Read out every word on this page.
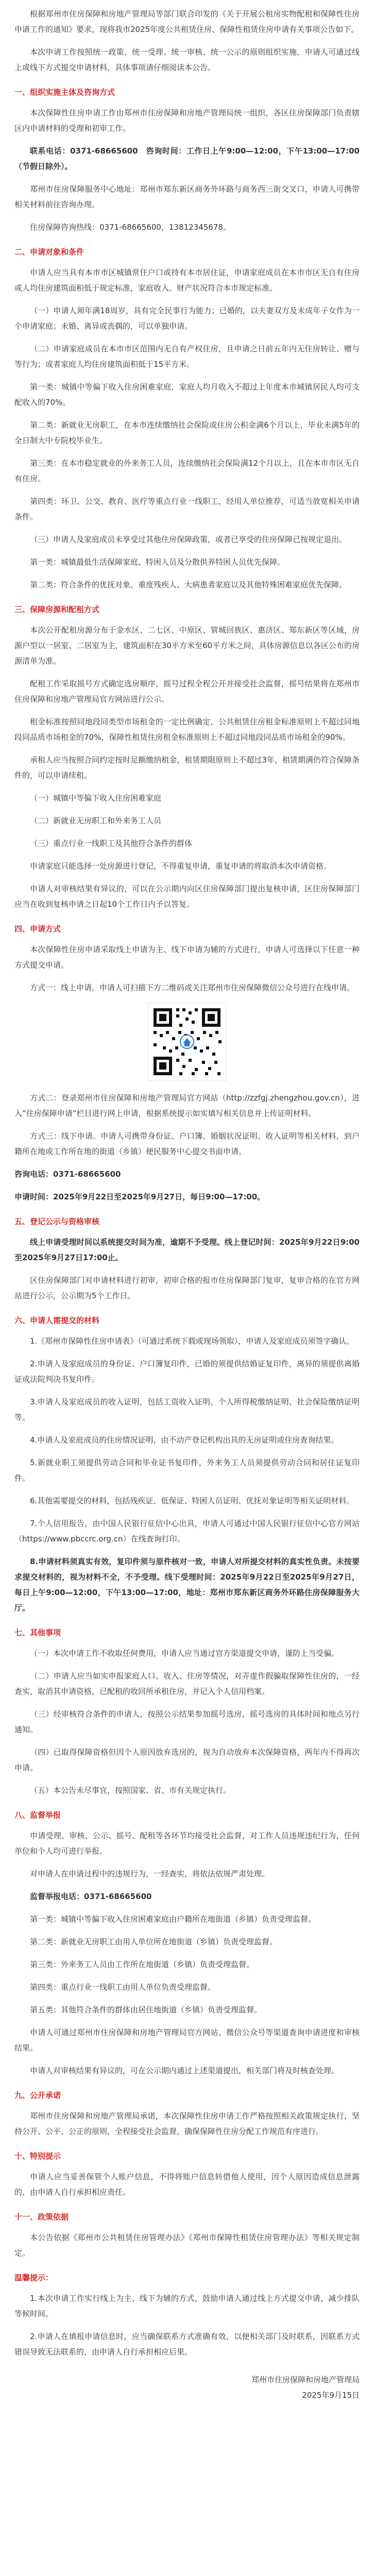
根据郑州市住房保障和房地产管理局等部门联合印发的《关于开展公租房实物配租和保障性住房申请工作的通知》要求，现将我市2025年度公共租赁住房、保障性租赁住房申请有关事项公告如下。

本次申请工作按照统一政策、统一受理、统一审核、统一公示的原则组织实施，申请人可通过线上或线下方式提交申请材料，具体事项请仔细阅读本公告。

一、组织实施主体及咨询方式

本次保障性住房申请工作由郑州市住房保障和房地产管理局统一组织，各区住房保障部门负责辖区内申请材料的受理和初审工作。

联系电话：0371-68665600　咨询时间：工作日上午9:00—12:00，下午13:00—17:00（节假日除外）。

郑州市住房保障服务中心地址：郑州市郑东新区商务外环路与商务西三街交叉口，申请人可携带相关材料前往咨询办理。

住房保障咨询热线：0371-68665600，13812345678。

二、申请对象和条件

申请人应当具有本市市区城镇常住户口或持有本市居住证，申请家庭成员在本市市区无自有住房或人均住房建筑面积低于规定标准，家庭收入、财产状况符合本市规定标准。

（一）申请人须年满18周岁，具有完全民事行为能力；已婚的，以夫妻双方及未成年子女作为一个申请家庭；未婚、离异或丧偶的，可以单独申请。

（二）申请家庭成员在本市市区范围内无自有产权住房，且申请之日前五年内无住房转让、赠与等行为；或者家庭人均住房建筑面积低于15平方米。

第一类：城镇中等偏下收入住房困难家庭，家庭人均月收入不超过上年度本市城镇居民人均可支配收入的70%。

第二类：新就业无房职工，在本市连续缴纳社会保险或住房公积金满6个月以上，毕业未满5年的全日制大中专院校毕业生。

第三类：在本市稳定就业的外来务工人员，连续缴纳社会保险满12个月以上，且在本市市区无自有住房。

第四类：环卫、公交、教育、医疗等重点行业一线职工，经用人单位推荐，可适当放宽相关申请条件。

（三）申请人及家庭成员未享受过其他住房保障政策，或者已享受的住房保障已按规定退出。

第一类：城镇最低生活保障家庭、特困人员及分散供养特困人员优先保障。

第二类：符合条件的优抚对象、重度残疾人、大病患者家庭以及其他特殊困难家庭优先保障。

三、保障房源和配租方式

本次公开配租房源分布于金水区、二七区、中原区、管城回族区、惠济区、郑东新区等区域，房源户型以一居室、二居室为主，建筑面积在30平方米至60平方米之间，具体房源信息以各区公布的房源清单为准。

配租工作采取摇号方式确定选房顺序，摇号过程全程公开并接受社会监督，摇号结果将在郑州市住房保障和房地产管理局官方网站进行公示。

租金标准按照同地段同类型市场租金的一定比例确定，公共租赁住房租金标准原则上不超过同地段同品质市场租金的70%，保障性租赁住房租金标准原则上不超过同地段同品质市场租金的90%。

承租人应当按照合同约定按时足额缴纳租金，租赁期限原则上不超过3年，租赁期满仍符合保障条件的，可以申请续租。

（一）城镇中等偏下收入住房困难家庭

（二）新就业无房职工和外来务工人员

（三）重点行业一线职工及其他符合条件的群体

申请家庭只能选择一处房源进行登记，不得重复申请，重复申请的将取消本次申请资格。

申请人对审核结果有异议的，可以在公示期内向区住房保障部门提出复核申请，区住房保障部门应当在收到复核申请之日起10个工作日内予以答复。

四、申请方式

本次保障性住房申请采取线上申请为主、线下申请为辅的方式进行，申请人可选择以下任意一种方式提交申请。

方式一：线上申请。申请人可扫描下方二维码或关注郑州市住房保障微信公众号进行在线申请。

方式二：登录郑州市住房保障和房地产管理局官方网站（http://zzfgj.zhengzhou.gov.cn），进入“住房保障申请”栏目进行网上申请，根据系统提示如实填写相关信息并上传证明材料。

方式三：线下申请。申请人可携带身份证、户口簿、婚姻状况证明、收入证明等相关材料，到户籍所在地或工作所在地的街道（乡镇）便民服务中心提交书面申请。

咨询电话：0371-68665600

申请时间：2025年9月22日至2025年9月27日，每日9:00—17:00。

五、登记公示与资格审核

线上申请受理时间以系统提交时间为准，逾期不予受理。线上登记时间：2025年9月22日9:00至2025年9月27日17:00止。

区住房保障部门对申请材料进行初审，初审合格的报市住房保障部门复审，复审合格的在官方网站进行公示，公示期为5个工作日。

六、申请人需提交的材料

1.《郑州市保障性住房申请表》（可通过系统下载或现场领取），申请人及家庭成员须签字确认。

2.申请人及家庭成员的身份证、户口簿复印件，已婚的须提供结婚证复印件，离异的须提供离婚证或法院判决书复印件。

3.申请人及家庭成员的收入证明，包括工资收入证明、个人所得税缴纳证明、社会保险缴纳证明等。

4.申请人及家庭成员的住房情况证明，由不动产登记机构出具的无房证明或住房查询结果。

5.新就业职工须提供劳动合同和毕业证书复印件，外来务工人员须提供劳动合同和居住证复印件。

6.其他需要提交的材料，包括残疾证、低保证、特困人员证明、优抚对象证明等相关证明材料。

7.个人信用报告，由中国人民银行征信中心出具，申请人可通过中国人民银行征信中心官方网站（https://www.pbccrc.org.cn）在线查询打印。

8.申请材料须真实有效，复印件须与原件核对一致，申请人对所提交材料的真实性负责。未按要求提交材料的，视为材料不全，不予受理。线下受理时间：2025年9月22日至2025年9月27日，每日上午9:00—12:00，下午13:00—17:00，地址：郑州市郑东新区商务外环路住房保障服务大厅。

七、其他事项

（一）本次申请工作不收取任何费用，申请人应当通过官方渠道提交申请，谨防上当受骗。

（二）申请人应当如实申报家庭人口、收入、住房等情况，对弄虚作假骗取保障性住房的，一经查实，取消其申请资格，已配租的收回所承租住房，并记入个人信用档案。

（三）经审核符合条件的申请人，按照公示结果参加摇号选房，摇号选房的具体时间和地点另行通知。

（四）已取得保障资格但因个人原因放弃选房的，视为自动放弃本次保障资格，两年内不得再次申请。

（五）本公告未尽事宜，按照国家、省、市有关规定执行。

八、监督举报

申请受理、审核、公示、摇号、配租等各环节均接受社会监督，对工作人员违规违纪行为，任何单位和个人均可进行举报。

对申请人在申请过程中的违规行为，一经查实，将依法依规严肃处理。

监督举报电话：0371-68665600

第一类：城镇中等偏下收入住房困难家庭由户籍所在地街道（乡镇）负责受理监督。

第二类：新就业无房职工由用人单位所在地街道（乡镇）负责受理监督。

第三类：外来务工人员由工作所在地街道（乡镇）负责受理监督。

第四类：重点行业一线职工由用人单位负责受理监督。

第五类：其他符合条件的群体由居住地街道（乡镇）负责受理监督。

申请人可通过郑州市住房保障和房地产管理局官方网站、微信公众号等渠道查询申请进度和审核结果。

申请人对审核结果有异议的，可在公示期内通过上述渠道提出，相关部门将及时核查处理。

九、公开承诺

郑州市住房保障和房地产管理局承诺，本次保障性住房申请工作严格按照相关政策规定执行，坚持公开、公平、公正的原则，全程接受社会监督，确保保障性住房分配工作规范有序进行。

十、特别提示

申请人应当妥善保管个人账户信息，不得将账户信息转借他人使用，因个人原因造成信息泄露的，由申请人自行承担相应责任。

十一、政策依据

本公告依据《郑州市公共租赁住房管理办法》《郑州市保障性租赁住房管理办法》等相关规定制定。

温馨提示：

1.本次申请工作实行线上为主、线下为辅的方式，鼓励申请人通过线上方式提交申请，减少排队等候时间。

2.申请人在填报申请信息时，应当确保联系方式准确有效，以便相关部门及时联系，因联系方式错误导致无法联系的，由申请人自行承担相应后果。

郑州市住房保障和房地产管理局

2025年9月15日
